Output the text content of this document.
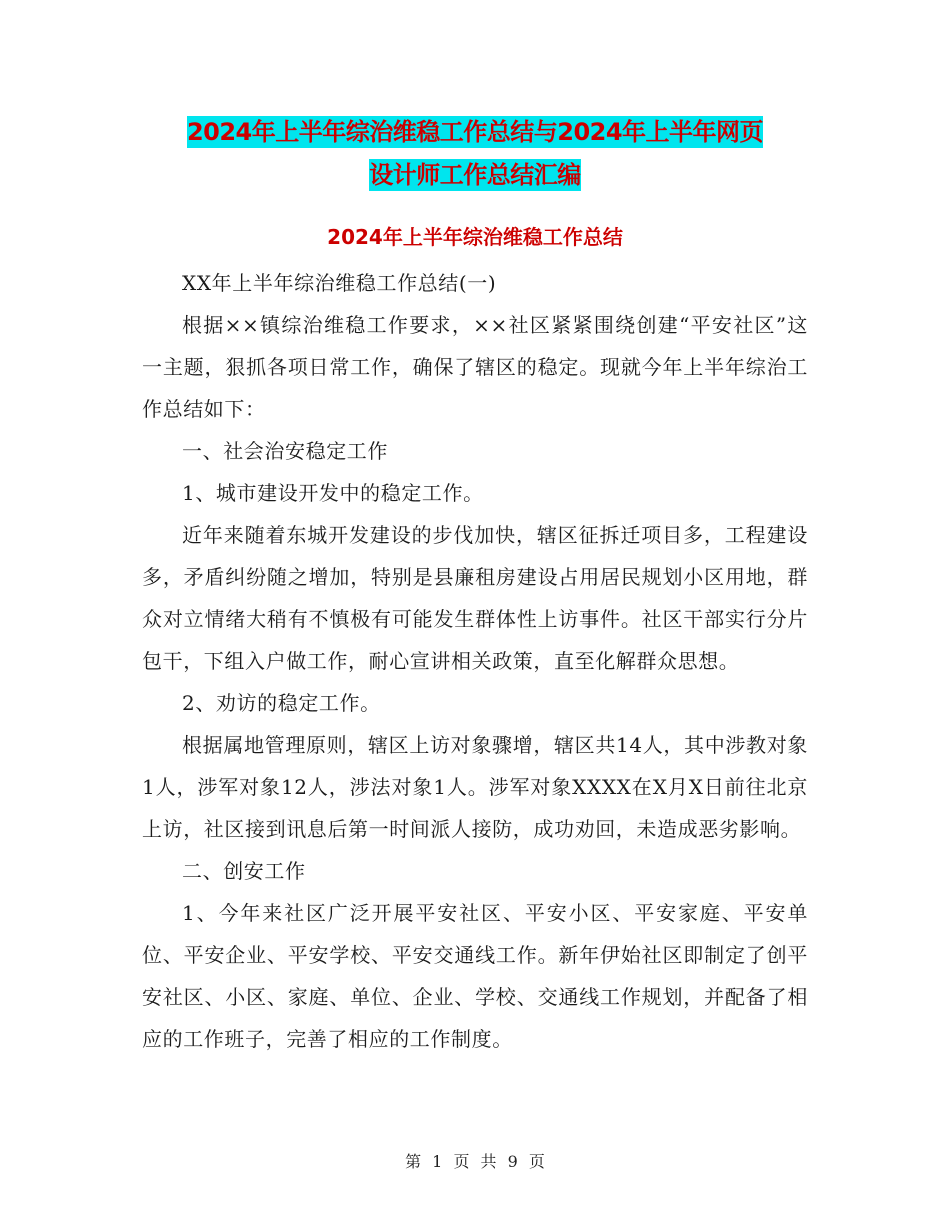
2024年上半年综治维稳工作总结与2024年上半年网页
设计师工作总结汇编
2024年上半年综治维稳工作总结

XX年上半年综治维稳工作总结(一)

根据××镇综治维稳工作要求，××社区紧紧围绕创建“平安社区”这一主题，狠抓各项日常工作，确保了辖区的稳定。现就今年上半年综治工作总结如下：

一、社会治安稳定工作

1、城市建设开发中的稳定工作。

近年来随着东城开发建设的步伐加快，辖区征拆迁项目多，工程建设多，矛盾纠纷随之增加，特别是县廉租房建设占用居民规划小区用地，群众对立情绪大稍有不慎极有可能发生群体性上访事件。社区干部实行分片包干，下组入户做工作，耐心宣讲相关政策，直至化解群众思想。

2、劝访的稳定工作。

根据属地管理原则，辖区上访对象骤增，辖区共14人，其中涉教对象1人，涉军对象12人，涉法对象1人。涉军对象XXXX在X月X日前往北京上访，社区接到讯息后第一时间派人接防，成功劝回，未造成恶劣影响。

二、创安工作

1、今年来社区广泛开展平安社区、平安小区、平安家庭、平安单位、平安企业、平安学校、平安交通线工作。新年伊始社区即制定了创平安社区、小区、家庭、单位、企业、学校、交通线工作规划，并配备了相应的工作班子，完善了相应的工作制度。

第 1 页 共 9 页
